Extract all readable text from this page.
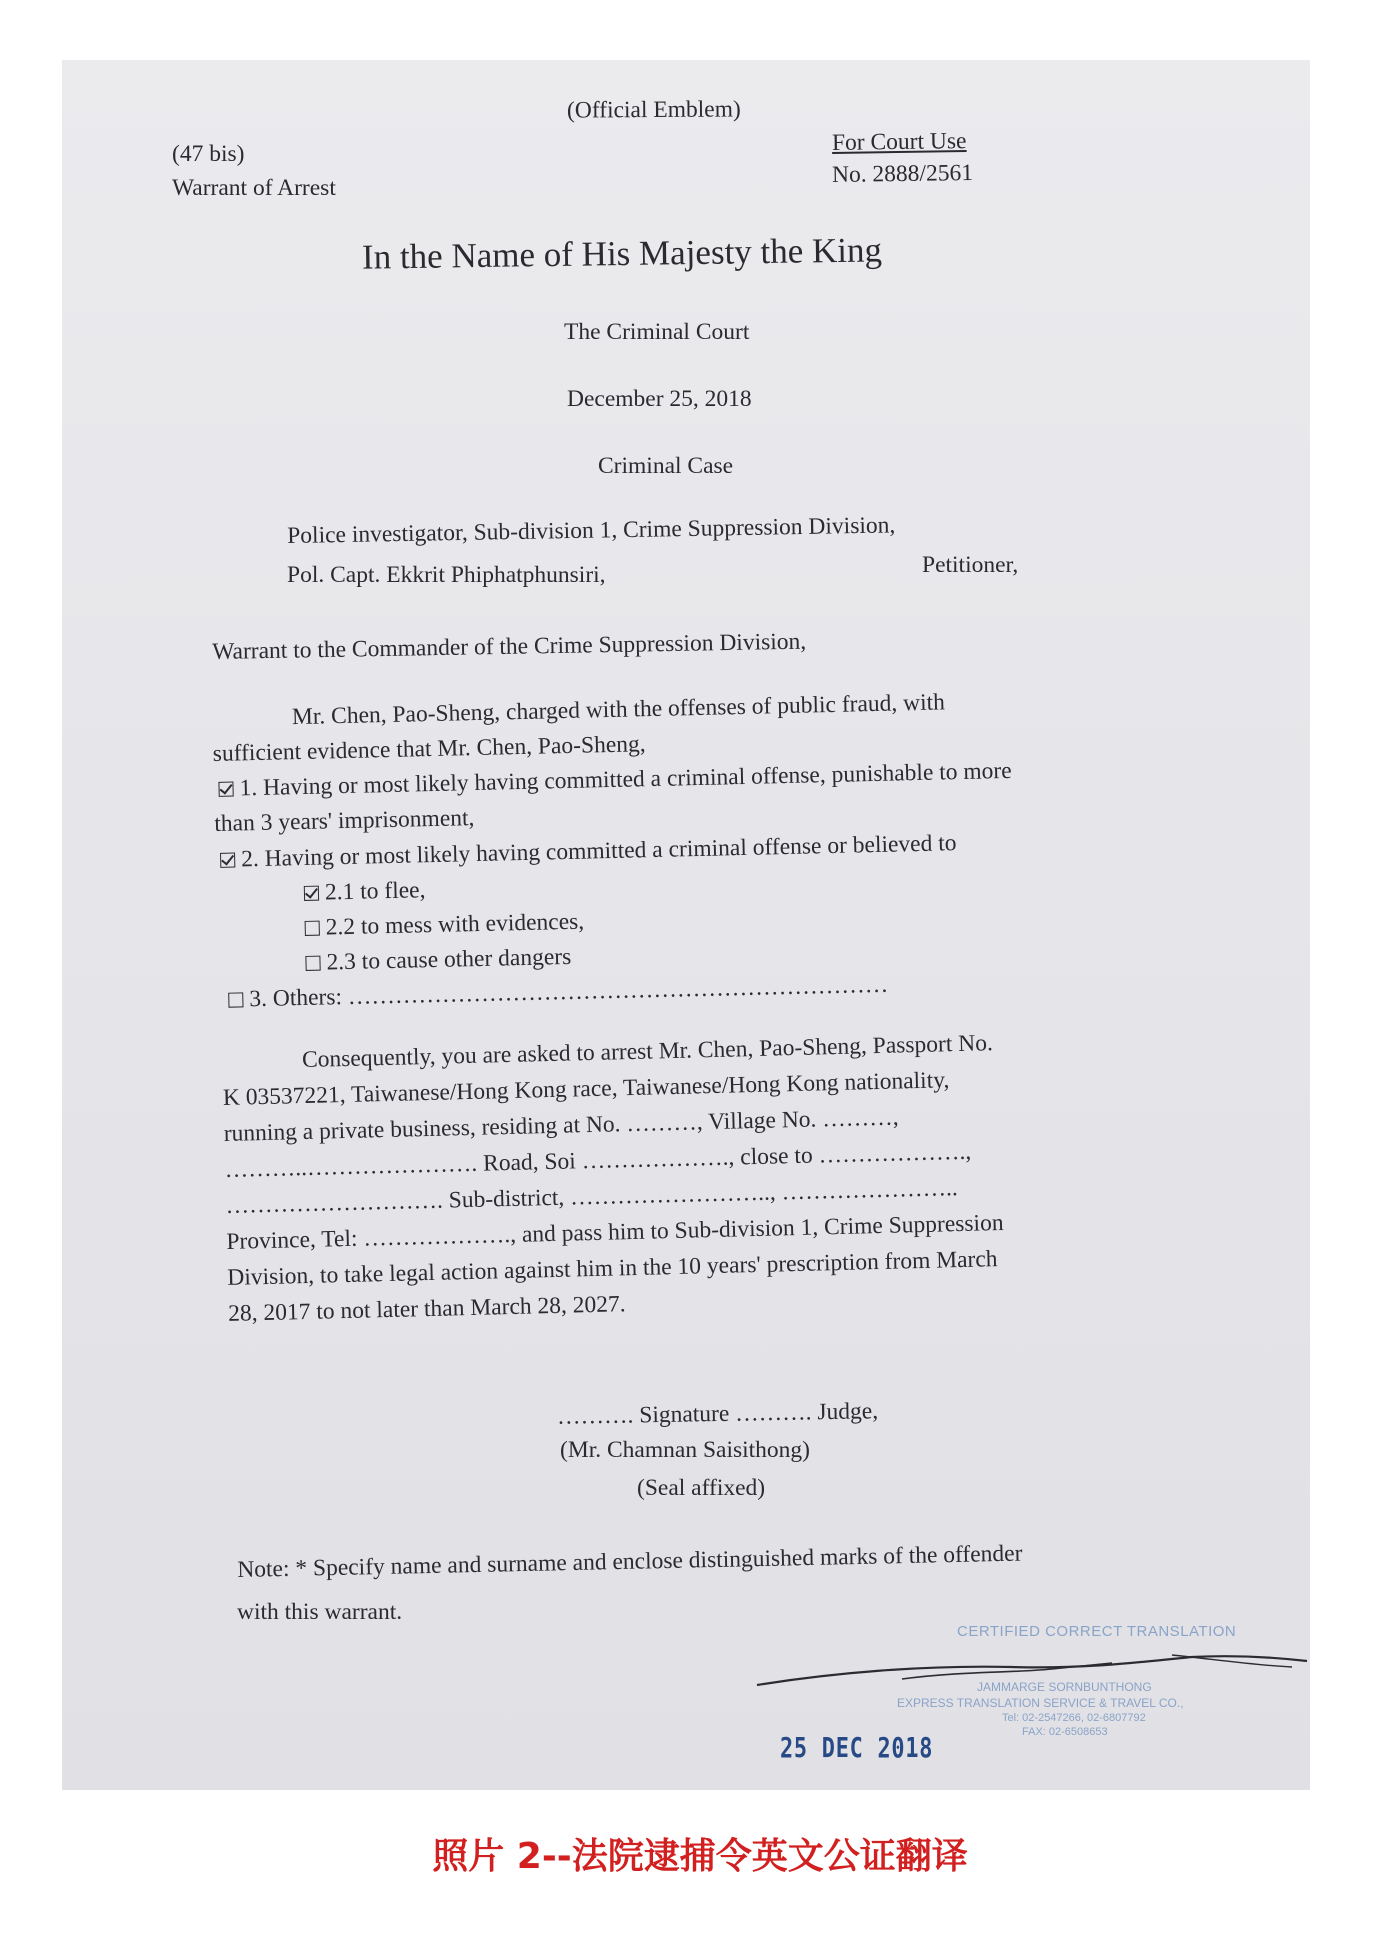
(Official Emblem)
(47 bis)
Warrant of Arrest
For Court Use
No. 2888/2561
In the Name of His Majesty the King
The Criminal Court
December 25, 2018
Criminal Case
Police investigator, Sub-division 1, Crime Suppression Division,
Pol. Capt. Ekkrit Phiphatphunsiri,	Petitioner,
Warrant to the Commander of the Crime Suppression Division,
Mr. Chen, Pao-Sheng, charged with the offenses of public fraud, with
sufficient evidence that Mr. Chen, Pao-Sheng,
1. Having or most likely having committed a criminal offense, punishable to more
than 3 years' imprisonment,
2. Having or most likely having committed a criminal offense or believed to
2.1 to flee,
2.2 to mess with evidences,
2.3 to cause other dangers
3. Others: ……………………………………………………………
Consequently, you are asked to arrest Mr. Chen, Pao-Sheng, Passport No.
K 03537221, Taiwanese/Hong Kong race, Taiwanese/Hong Kong nationality,
running a private business, residing at No. ………, Village No. ………,
………..…………………. Road, Soi ………………., close to ……………….,
………………………. Sub-district, …………………….., …………………..
Province, Tel: ………………., and pass him to Sub-division 1, Crime Suppression
Division, to take legal action against him in the 10 years' prescription from March
28, 2017 to not later than March 28, 2027.
………. Signature ………. Judge,
(Mr. Chamnan Saisithong)
(Seal affixed)
Note: * Specify name and surname and enclose distinguished marks of the offender
with this warrant.
CERTIFIED CORRECT TRANSLATION
JAMMARGE SORNBUNTHONG
EXPRESS TRANSLATION SERVICE & TRAVEL CO.,
Tel: 02-2547266, 02-6807792
FAX: 02-6508653
25 DEC 2018
照片 2--法院逮捕令英文公证翻译
